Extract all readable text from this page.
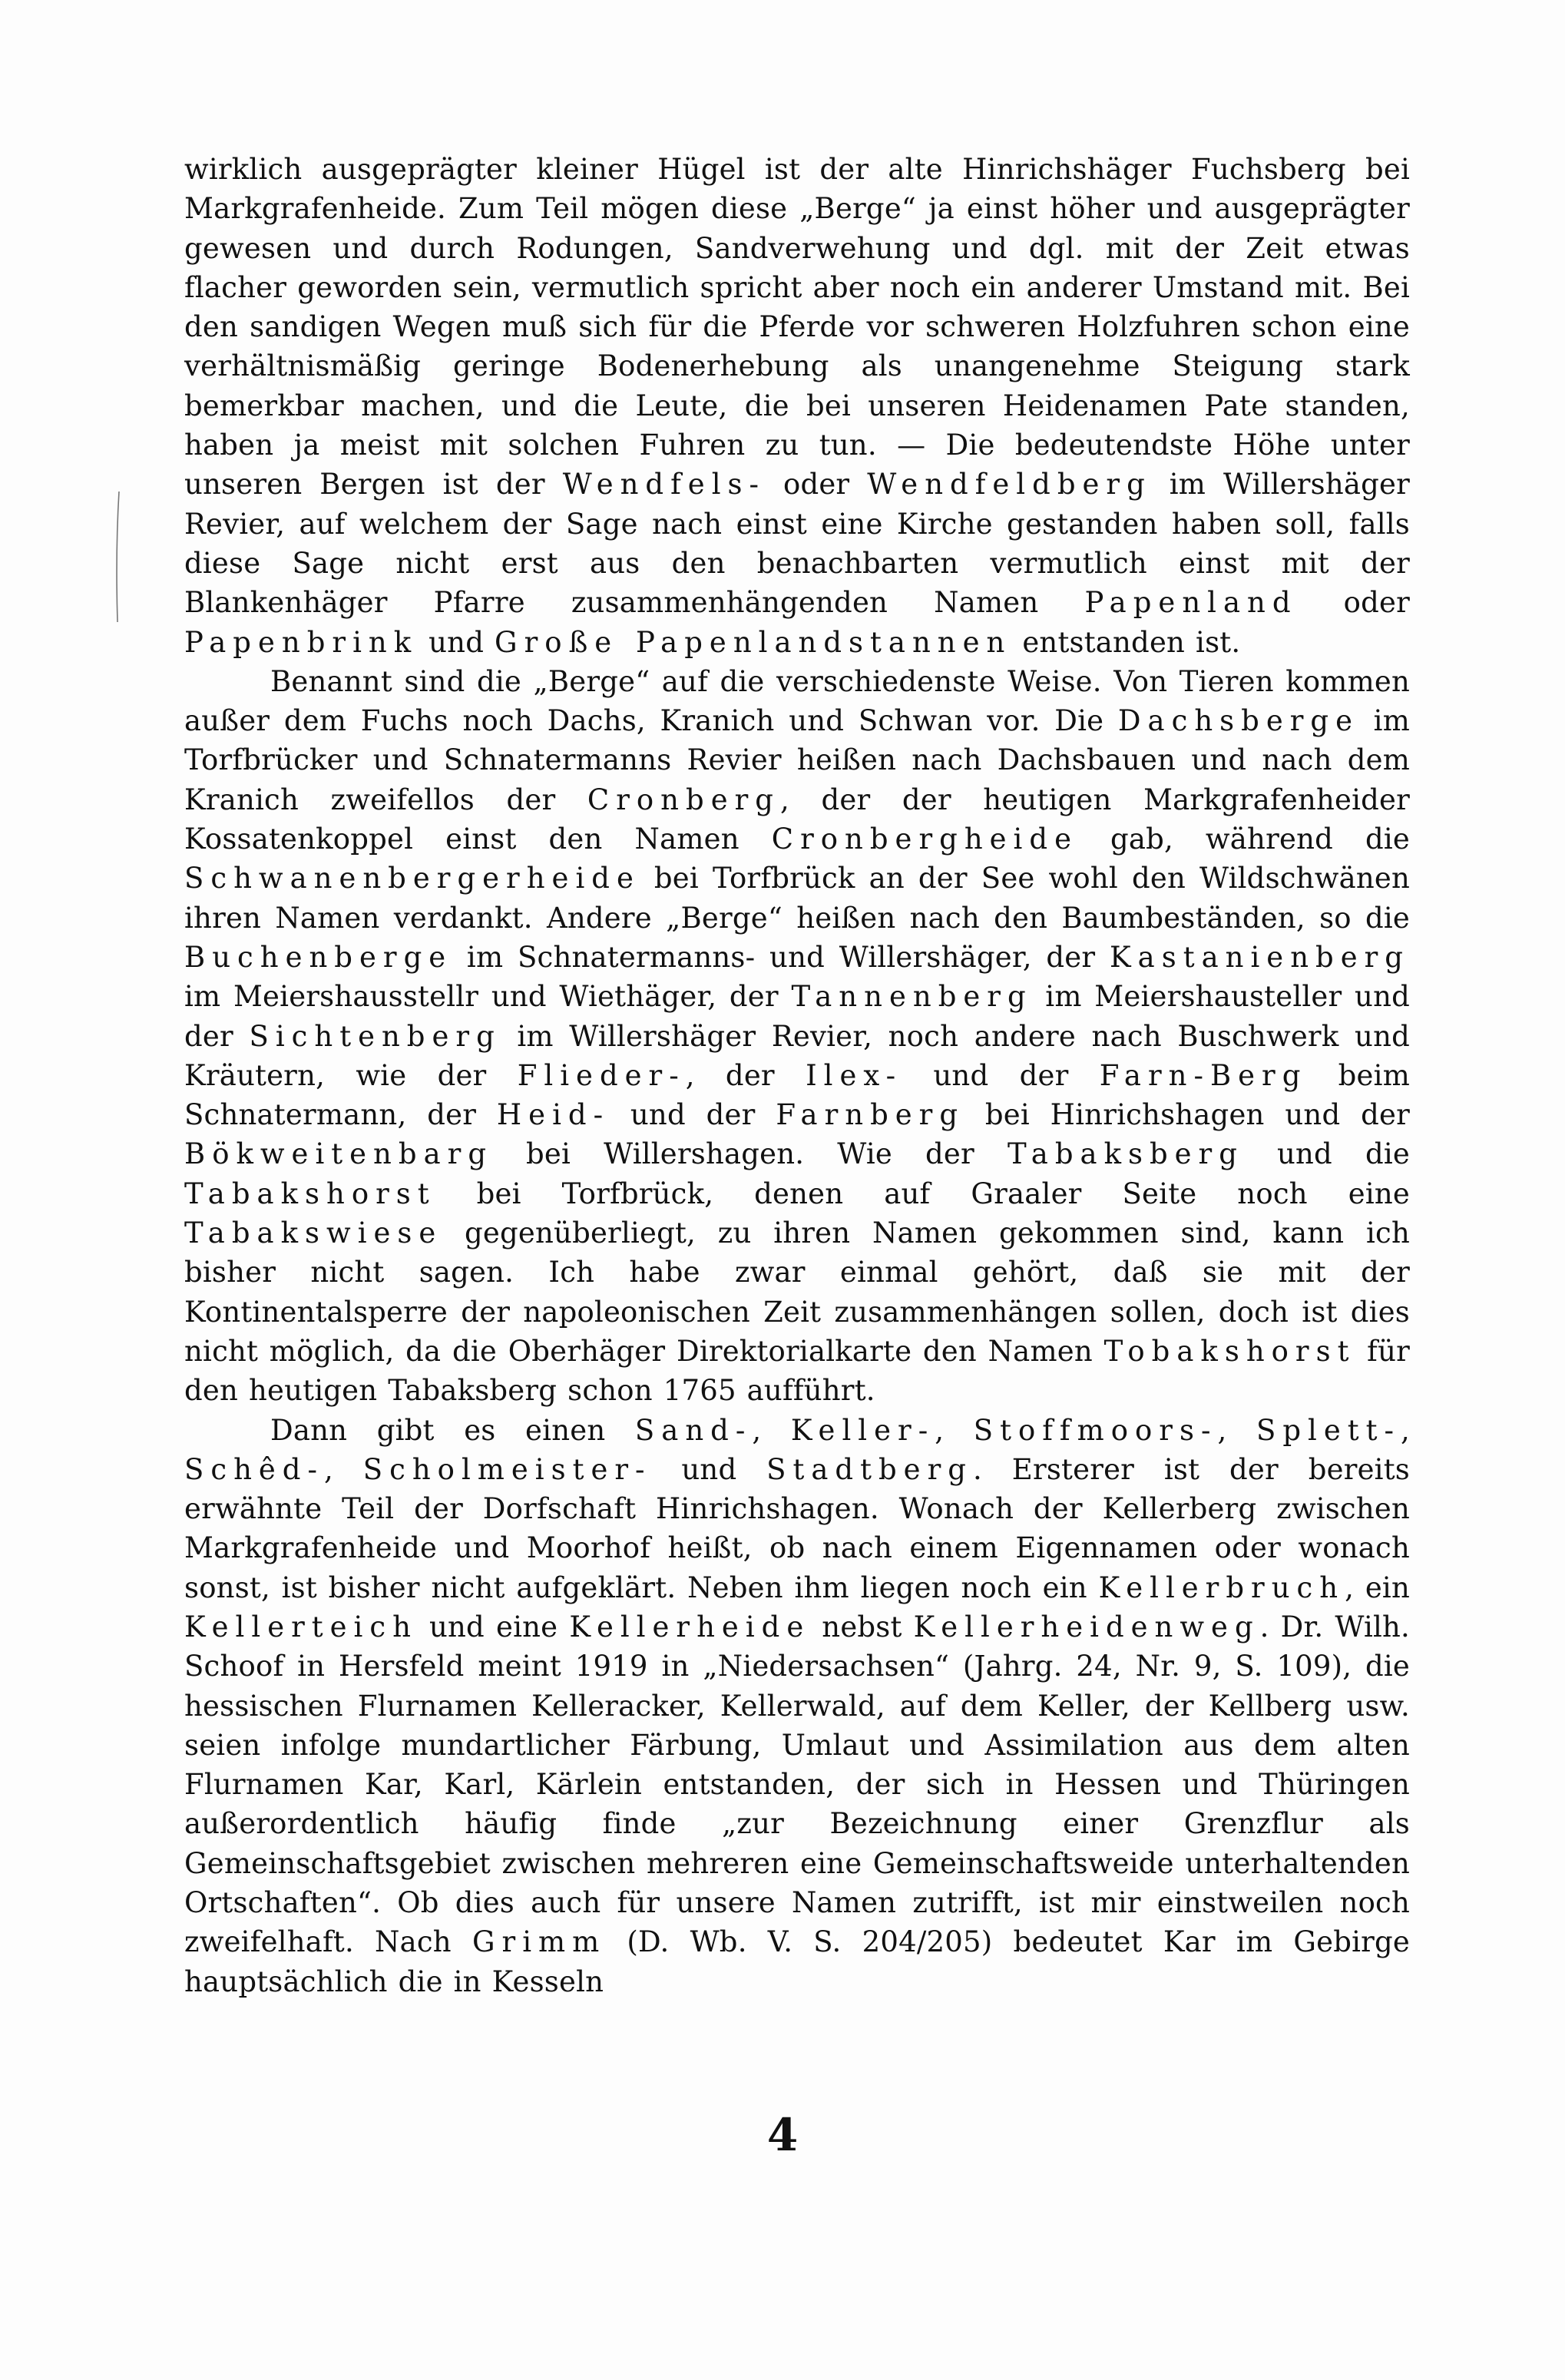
wirklich ausgeprägter kleiner Hügel ist der alte Hinrichshäger Fuchsberg bei Markgrafenheide. Zum Teil mögen diese „Berge“ ja einst höher und ausgeprägter gewesen und durch Rodungen, Sandverwehung und dgl. mit der Zeit etwas flacher geworden sein, vermutlich spricht aber noch ein anderer Umstand mit. Bei den sandigen Wegen muß sich für die Pferde vor schweren Holzfuhren schon eine verhältnismäßig geringe Bodenerhebung als unangenehme Steigung stark bemerkbar machen, und die Leute, die bei unseren Heidenamen Pate standen, haben ja meist mit solchen Fuhren zu tun. — Die bedeutendste Höhe unter unseren Bergen ist der Wendfels- oder Wendfeldberg im Willershäger Revier, auf welchem der Sage nach einst eine Kirche gestanden haben soll, falls diese Sage nicht erst aus den benachbarten vermutlich einst mit der Blankenhäger Pfarre zusammenhängenden Namen Papenland oder Papenbrink und Große Papenlandstannen entstanden ist.

Benannt sind die „Berge“ auf die verschiedenste Weise. Von Tieren kommen außer dem Fuchs noch Dachs, Kranich und Schwan vor. Die Dachsberge im Torfbrücker und Schnatermanns Revier heißen nach Dachsbauen und nach dem Kranich zweifellos der Cronberg, der der heutigen Markgrafenheider Kossatenkoppel einst den Namen Cronbergheide gab, während die Schwanenbergerheide bei Torfbrück an der See wohl den Wildschwänen ihren Namen verdankt. Andere „Berge“ heißen nach den Baumbeständen, so die Buchenberge im Schnatermanns- und Willershäger, der Kastanienberg im Meiershausstellr und Wiethäger, der Tannenberg im Meiershausteller und der Sichtenberg im Willershäger Revier, noch andere nach Buschwerk und Kräutern, wie der Flieder-, der Ilex- und der Farn-Berg beim Schnatermann, der Heid- und der Farnberg bei Hinrichshagen und der Bökweitenbarg bei Willershagen. Wie der Tabaksberg und die Tabakshorst bei Torfbrück, denen auf Graaler Seite noch eine Tabakswiese gegenüberliegt, zu ihren Namen gekommen sind, kann ich bisher nicht sagen. Ich habe zwar einmal gehört, daß sie mit der Kontinentalsperre der napoleonischen Zeit zusammenhängen sollen, doch ist dies nicht möglich, da die Oberhäger Direktorialkarte den Namen Tobakshorst für den heutigen Tabaksberg schon 1765 aufführt.

Dann gibt es einen Sand-, Keller-, Stoffmoors-, Splett-, Schêd-, Scholmeister- und Stadtberg. Ersterer ist der bereits erwähnte Teil der Dorfschaft Hinrichshagen. Wonach der Kellerberg zwischen Markgrafenheide und Moorhof heißt, ob nach einem Eigennamen oder wonach sonst, ist bisher nicht aufgeklärt. Neben ihm liegen noch ein Kellerbruch, ein Kellerteich und eine Kellerheide nebst Kellerheidenweg. Dr. Wilh. Schoof in Hersfeld meint 1919 in „Niedersachsen“ (Jahrg. 24, Nr. 9, S. 109), die hessischen Flurnamen Kelleracker, Kellerwald, auf dem Keller, der Kellberg usw. seien infolge mundartlicher Färbung, Umlaut und Assimilation aus dem alten Flurnamen Kar, Karl, Kärlein entstanden, der sich in Hessen und Thüringen außerordentlich häufig finde „zur Bezeichnung einer Grenzflur als Gemeinschaftsgebiet zwischen mehreren eine Gemeinschaftsweide unterhaltenden Ortschaften“. Ob dies auch für unsere Namen zutrifft, ist mir einstweilen noch zweifelhaft. Nach Grimm (D. Wb. V. S. 204/205) bedeutet Kar im Gebirge hauptsächlich die in Kesseln

4
